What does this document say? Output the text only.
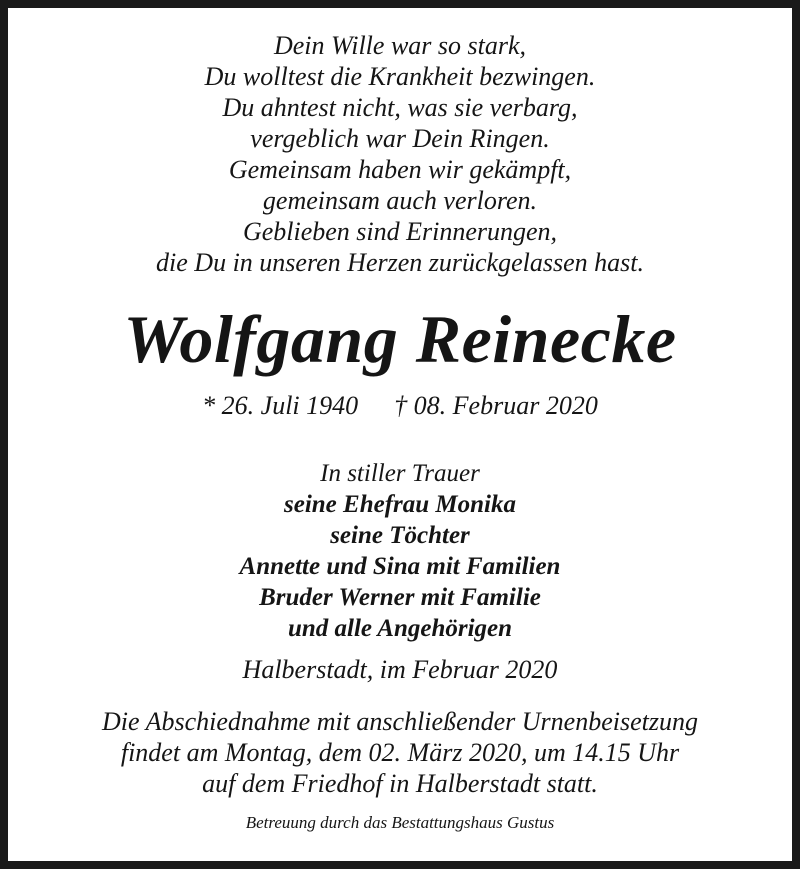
Dein Wille war so stark,
Du wolltest die Krankheit bezwingen.
Du ahntest nicht, was sie verbarg,
vergeblich war Dein Ringen.
Gemeinsam haben wir gekämpft,
gemeinsam auch verloren.
Geblieben sind Erinnerungen,
die Du in unseren Herzen zurückgelassen hast.
Wolfgang Reinecke
* 26. Juli 1940 † 08. Februar 2020
In stiller Trauer
seine Ehefrau Monika
seine Töchter
Annette und Sina mit Familien
Bruder Werner mit Familie
und alle Angehörigen
Halberstadt, im Februar 2020
Die Abschiednahme mit anschließender Urnenbeisetzung
findet am Montag, dem 02. März 2020, um 14.15 Uhr
auf dem Friedhof in Halberstadt statt.
Betreuung durch das Bestattungshaus Gustus
